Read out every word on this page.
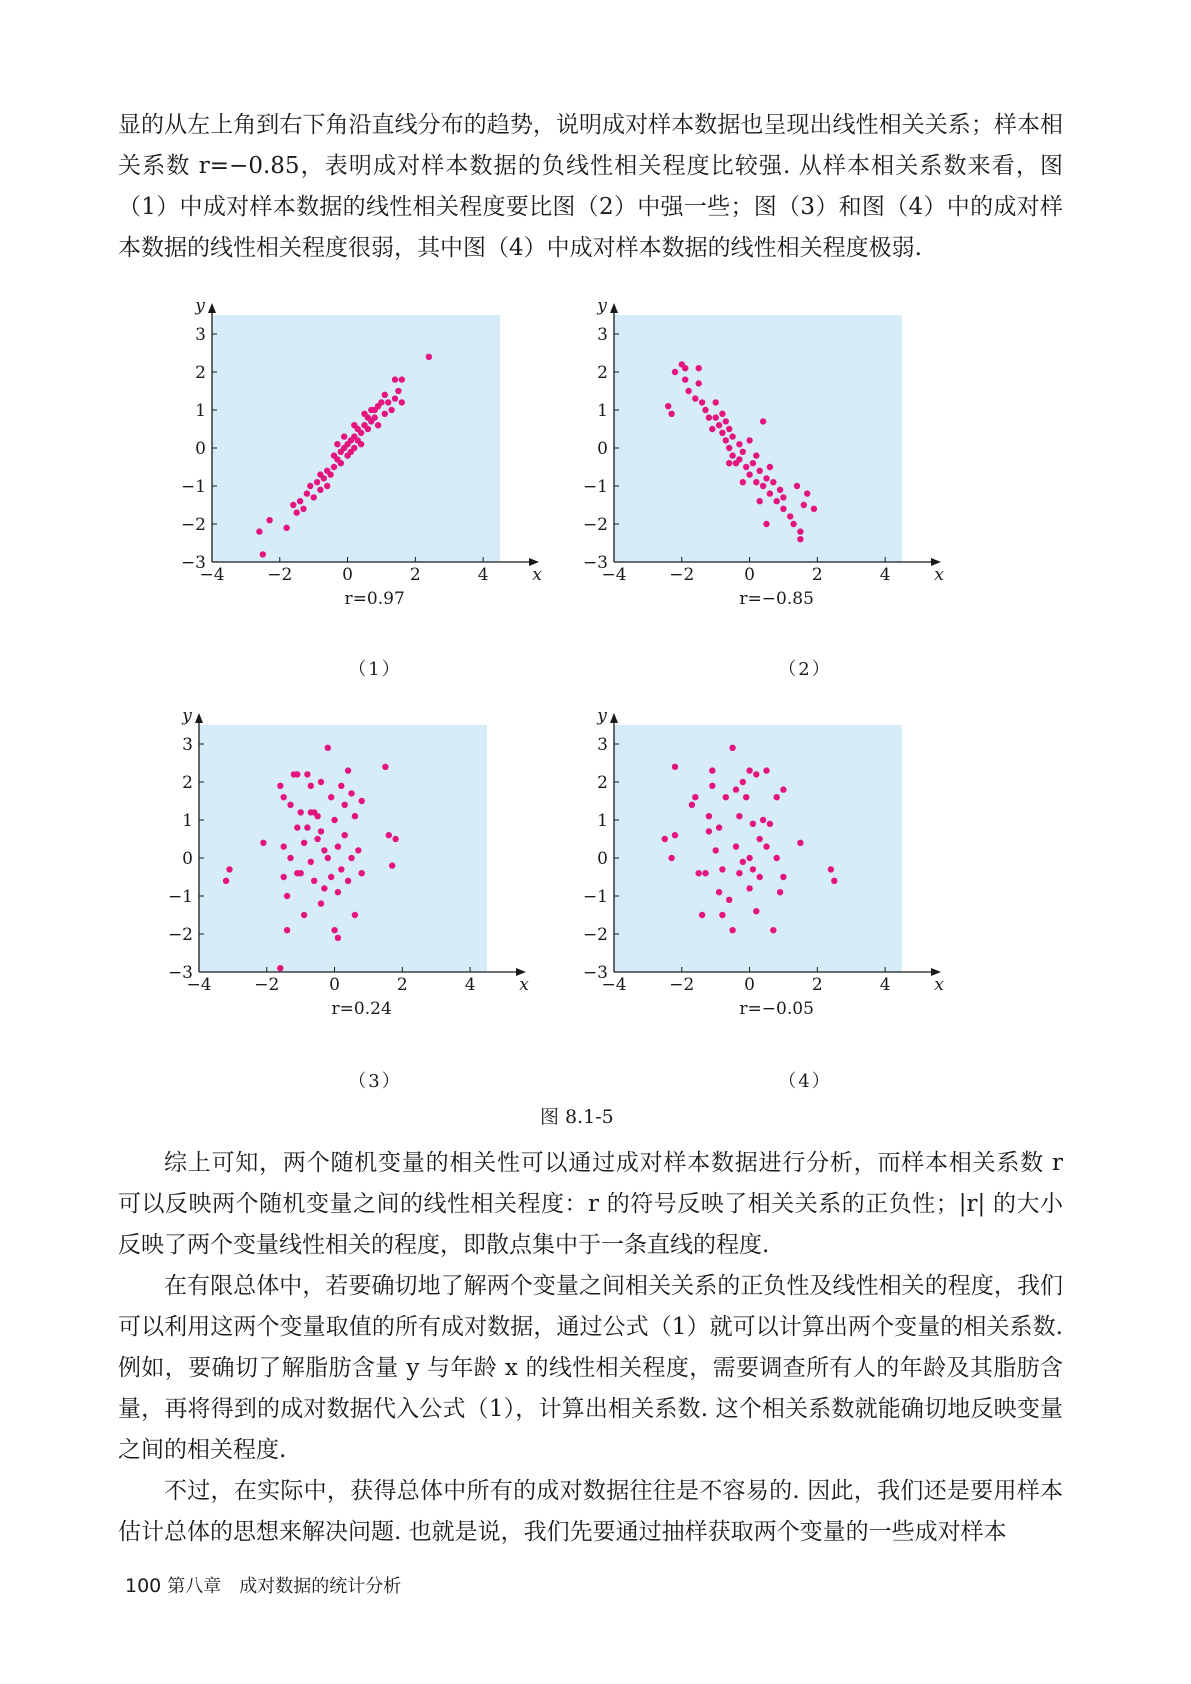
显的从左上角到右下角沿直线分布的趋势，说明成对样本数据也呈现出线性相关关系；样本相关系数 r=−0.85，表明成对样本数据的负线性相关程度比较强. 从样本相关系数来看，图（1）中成对样本数据的线性相关程度要比图（2）中强一些；图（3）和图（4）中的成对样本数据的线性相关程度很弱，其中图（4）中成对样本数据的线性相关程度极弱.

−4	−2	0	2	4
−3
−2
−1
0
1
2
3
x
y
r=0.97
−4	−2	0	2	4
−3
−2
−1
0
1
2
3
x
y
r=−0.85
−4	−2	0	2	4
−3
−2
−1
0
1
2
3
x
y
r=0.24
−4	−2	0	2	4
−3
−2
−1
0
1
2
3
x
y
r=−0.05
（1）	（2）
（3）	（4）
图 8.1-5

综上可知，两个随机变量的相关性可以通过成对样本数据进行分析，而样本相关系数 r 可以反映两个随机变量之间的线性相关程度：r 的符号反映了相关关系的正负性；|r| 的大小反映了两个变量线性相关的程度，即散点集中于一条直线的程度.

在有限总体中，若要确切地了解两个变量之间相关关系的正负性及线性相关的程度，我们可以利用这两个变量取值的所有成对数据，通过公式（1）就可以计算出两个变量的相关系数. 例如，要确切了解脂肪含量 y 与年龄 x 的线性相关程度，需要调查所有人的年龄及其脂肪含量，再将得到的成对数据代入公式（1），计算出相关系数. 这个相关系数就能确切地反映变量之间的相关程度.

不过，在实际中，获得总体中所有的成对数据往往是不容易的. 因此，我们还是要用样本估计总体的思想来解决问题. 也就是说，我们先要通过抽样获取两个变量的一些成对样本

100 第八章　成对数据的统计分析
